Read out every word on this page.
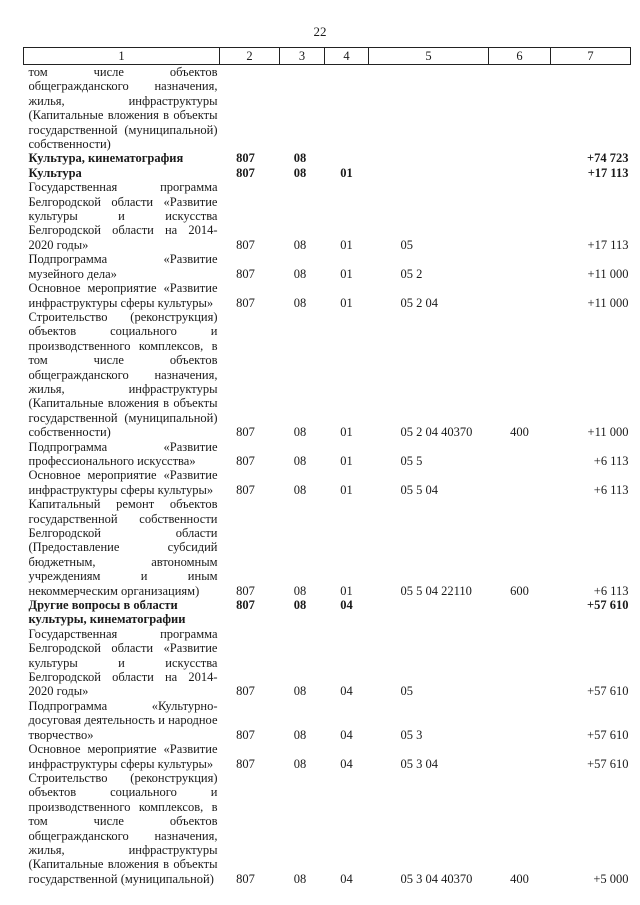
22
1	2	3	4	5	6	7
том числе объектов общегражданского назначения, жилья, инфраструктуры (Капитальные вложения в объекты государственной (муниципальной) собственности)						
Культура, кинематография	807	08				+74 723
Культура	807	08	01			+17 113
Государственная программа Белгородской области «Развитие культуры и искусства Белгородской области на 2014-2020 годы»	807	08	01	05		+17 113
Подпрограмма «Развитие музейного дела»	807	08	01	05 2		+11 000
Основное мероприятие «Развитие инфраструктуры сферы культуры»	807	08	01	05 2 04		+11 000
Строительство (реконструкция) объектов социального и производственного комплексов, в том числе объектов общегражданского назначения, жилья, инфраструктуры (Капитальные вложения в объекты государственной (муниципальной) собственности)	807	08	01	05 2 04 40370	400	+11 000
Подпрограмма «Развитие профессионального искусства»	807	08	01	05 5		+6 113
Основное мероприятие «Развитие инфраструктуры сферы культуры»	807	08	01	05 5 04		+6 113
Капитальный ремонт объектов государственной собственности Белгородской области (Предоставление субсидий бюджетным, автономным учреждениям и иным некоммерческим организациям)	807	08	01	05 5 04 22110	600	+6 113
Другие вопросы в области культуры, кинематографии	807	08	04			+57 610
Государственная программа Белгородской области «Развитие культуры и искусства Белгородской области на 2014-2020 годы»	807	08	04	05		+57 610
Подпрограмма «Культурно-досуговая деятельность и народное творчество»	807	08	04	05 3		+57 610
Основное мероприятие «Развитие инфраструктуры сферы культуры»	807	08	04	05 3 04		+57 610
Строительство (реконструкция) объектов социального и производственного комплексов, в том числе объектов общегражданского назначения, жилья, инфраструктуры (Капитальные вложения в объекты государственной (муниципальной)	807	08	04	05 3 04 40370	400	+5 000
